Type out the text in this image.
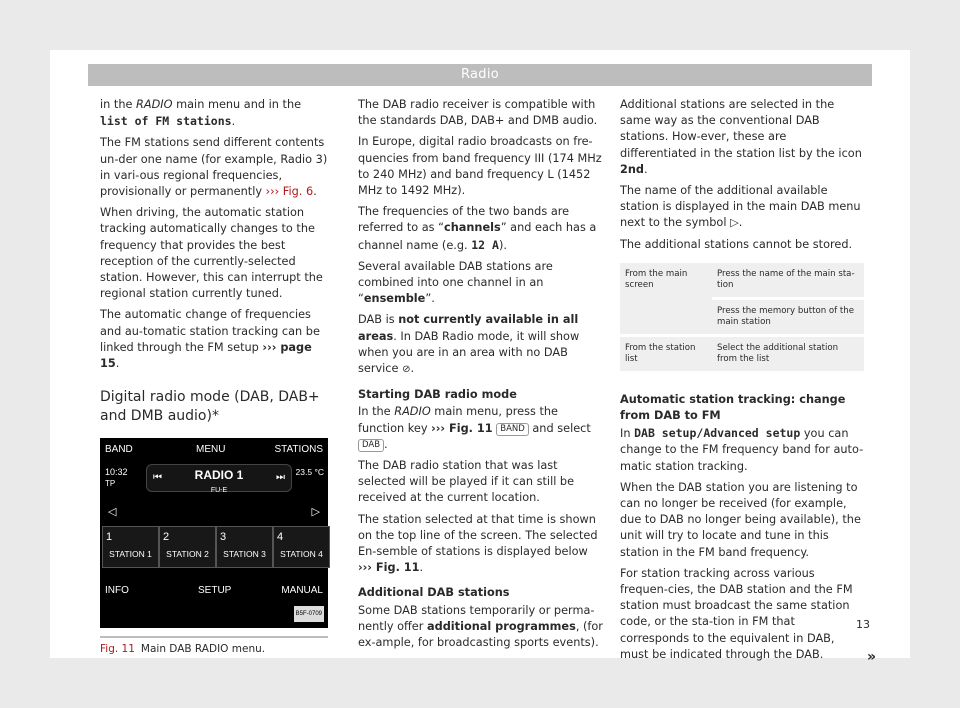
Radio

in the RADIO main menu and in the list of FM stations.

The FM stations send different contents un-der one name (for example, Radio 3) in vari-ous regional frequencies, provisionally or permanently ››› Fig. 6.

When driving, the automatic station tracking automatically changes to the frequency that provides the best reception of the currently-selected station. However, this can interrupt the regional station currently tuned.

The automatic change of frequencies and au-tomatic station tracking can be linked through the FM setup ››› page 15.

Digital radio mode (DAB, DAB+ and DMB audio)*
BAND	MENU	STATIONS
10:32
TP
⏮	RADIO 1
FU-E
⏭ 23.5 °C
◁	▷
1
STATION 1
2
STATION 2
3
STATION 3
4
STATION 4
INFO	SETUP	MANUAL
B5F-0709
Fig. 11 Main DAB RADIO menu.

The DAB radio receiver is compatible with the standards DAB, DAB+ and DMB audio.

In Europe, digital radio broadcasts on fre-quencies from band frequency III (174 MHz to 240 MHz) and band frequency L (1452 MHz to 1492 MHz).

The frequencies of the two bands are referred to as “channels” and each has a channel name (e.g. 12 A).

Several available DAB stations are combined into one channel in an “ensemble”.

DAB is not currently available in all areas. In DAB Radio mode, it will show when you are in an area with no DAB service ⊘.

Starting DAB radio mode

In the RADIO main menu, press the function key ››› Fig. 11 BAND and select DAB .

The DAB radio station that was last selected will be played if it can still be received at the current location.

The station selected at that time is shown on the top line of the screen. The selected En-semble of stations is displayed below ››› Fig. 11.

Additional DAB stations

Some DAB stations temporarily or perma-nently offer additional programmes, (for ex-ample, for broadcasting sports events).

Additional stations are selected in the same way as the conventional DAB stations. How-ever, these are differentiated in the station list by the icon 2nd.

The name of the additional available station is displayed in the main DAB menu next to the symbol ▷.

The additional stations cannot be stored.

From the main screen	Press the name of the main sta-tion
	Press the memory button of the main station
From the station list	Select the additional station from the list

Automatic station tracking: change from DAB to FM

In DAB setup/Advanced setup you can change to the FM frequency band for auto-matic station tracking.

When the DAB station you are listening to can no longer be received (for example, due to DAB no longer being available), the unit will try to locate and tune in this station in the FM band frequency.

For station tracking across various frequen-cies, the DAB station and the FM station must broadcast the same station code, or the sta-tion in FM that corresponds to the equivalent in DAB, must be indicated through the DAB.	»

13
